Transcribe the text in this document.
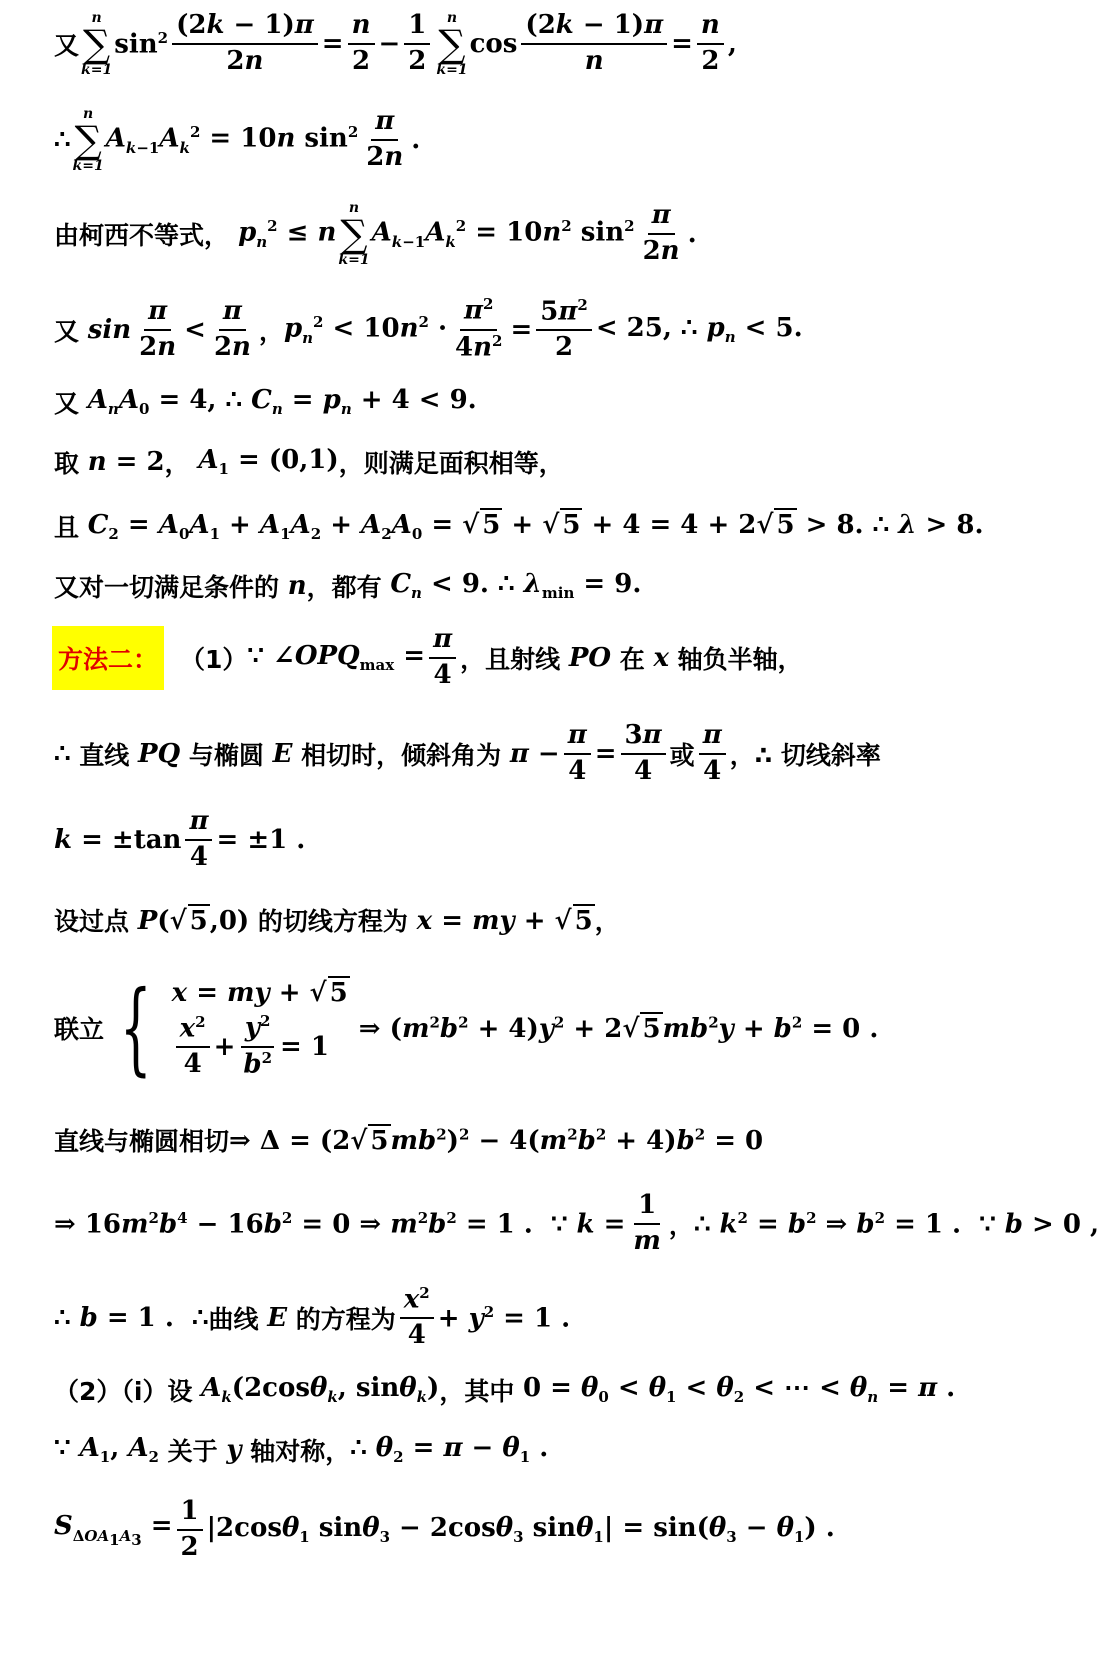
又
n
∑
k=1
$\sin^2 \frac{(2k - 1)\pi}{2n} = \frac{n}{2} - \frac{1}{2}$ n
∑
k=1
$\cos \frac{(2k - 1)\pi}{n} = \frac{n}{2}$ ,
∴
n
∑
k=1
$A_{k-1}A_k^2 = 10n$ $\sin^2 \frac{\pi}{2n}$ .
由柯西不等式， $p_n^2 \le n$
n
∑
k=1
$A_{k-1}A_k^2 = 10n^2$ $\sin^2 \frac{\pi}{2n}$ .
又 $\sin \frac{\pi}{2n} < \frac{\pi}{2n}$ ， $p_n^2 < 10n^2 \cdot \frac{\pi^2}{4n^2} = \frac{5\pi^2}{2} < 25$, ∴ $p_n < 5$.
又 $A_nA_0 = 4$, ∴ $C_n = p_n + 4 < 9$.
取 n = 2 ， $A_1 = (0,1)$ ，则满足面积相等，
且 $C_2 = A_0A_1 + A_1A_2 + A_2A_0$ = √ 5 + √ 5 + 4 = 4 + 2√ 5 > 8. ∴ λ > 8.
又对一切满足条件的 n ，都有 $C_n < 9$. ∴ $\lambda_{min} = 9$.
方法二： （1） ∵ $\angle OPQ_{max} = \frac{\pi}{4}$ ，且射线 PO 在 x 轴负半轴，
∴ 直线 PQ 与椭圆 E 相切时，倾斜角为 $\pi - \frac{\pi}{4} = \frac{3\pi}{4}$ 或 $\frac{\pi}{4}$ ，∴ 切线斜率
$k = \pm\tan \frac{\pi}{4} = \pm 1$ .
设过点 P(√ 5,0) 的切线方程为 x = my + √ 5 ，
联立 { x = my + √ 5
$\frac{x^2}{4} + \frac{y^2}{b^2} = 1$
⇒ $(m^2b^2 + 4)y^2 + 2√$ $5mb^2y + b^2 = 0$ .
直线与椭圆相切 ⇒ Δ = (2√ $5mb^2)^2 - 4(m^2b^2 + 4)b^2 = 0$
⇒ $16m^2b^4 - 16b^2 = 0$ ⇒ $m^2b^2 = 1$ .  ∵ $k = \frac{1}{m}$ ， ∴ $k^2 = b^2$ ⇒ $b^2 = 1$ .  ∵ b > 0 ,
∴ b = 1 .  ∴ 曲线 E 的方程为 $\frac{x^2}{4} + y^2 = 1$ .
（2）（i）设 $A_k(2\cos\theta_k$, sinθ$_k$) ，其中 $0 = \theta_0 < \theta_1 < \theta_2$ < ⋯ < $\theta_n = \pi$ .
∵ $A_1$, $A_2$ 关于 y 轴对称， ∴ $\theta_2 = \pi - \theta_1$ .
$S_{\Delta OA_1A_3} = \frac{1}{2} |2\cos\theta_1$ sinθ$_3$ − 2cosθ$_3$ $\sin\theta_1| = \sin(\theta_3 - \theta_1)$ .
